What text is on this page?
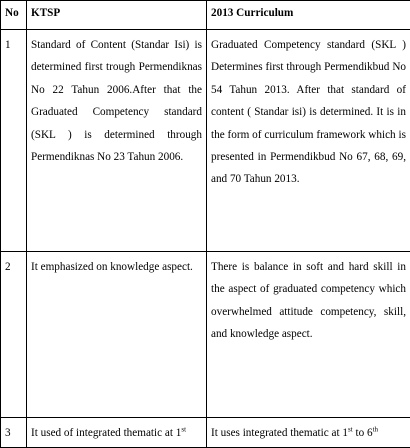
No	KTSP	2013 Curriculum
1	Standard of Content (Standar Isi) is determined first trough Permendiknas No 22 Tahun 2006.After that the Graduated Competency standard (SKL ) is determined through Permendiknas No 23 Tahun 2006.	Graduated Competency standard (SKL ) Determines first through Permendikbud No 54 Tahun 2013. After that standard of content ( Standar isi) is determined. It is in the form of curriculum framework which is presented in Permendikbud No 67, 68, 69, and 70 Tahun 2013.
2	It emphasized on knowledge aspect.	There is balance in soft and hard skill in the aspect of graduated competency which overwhelmed attitude competency, skill, and knowledge aspect.
3	It used of integrated thematic at 1st	It uses integrated thematic at 1st to 6th
